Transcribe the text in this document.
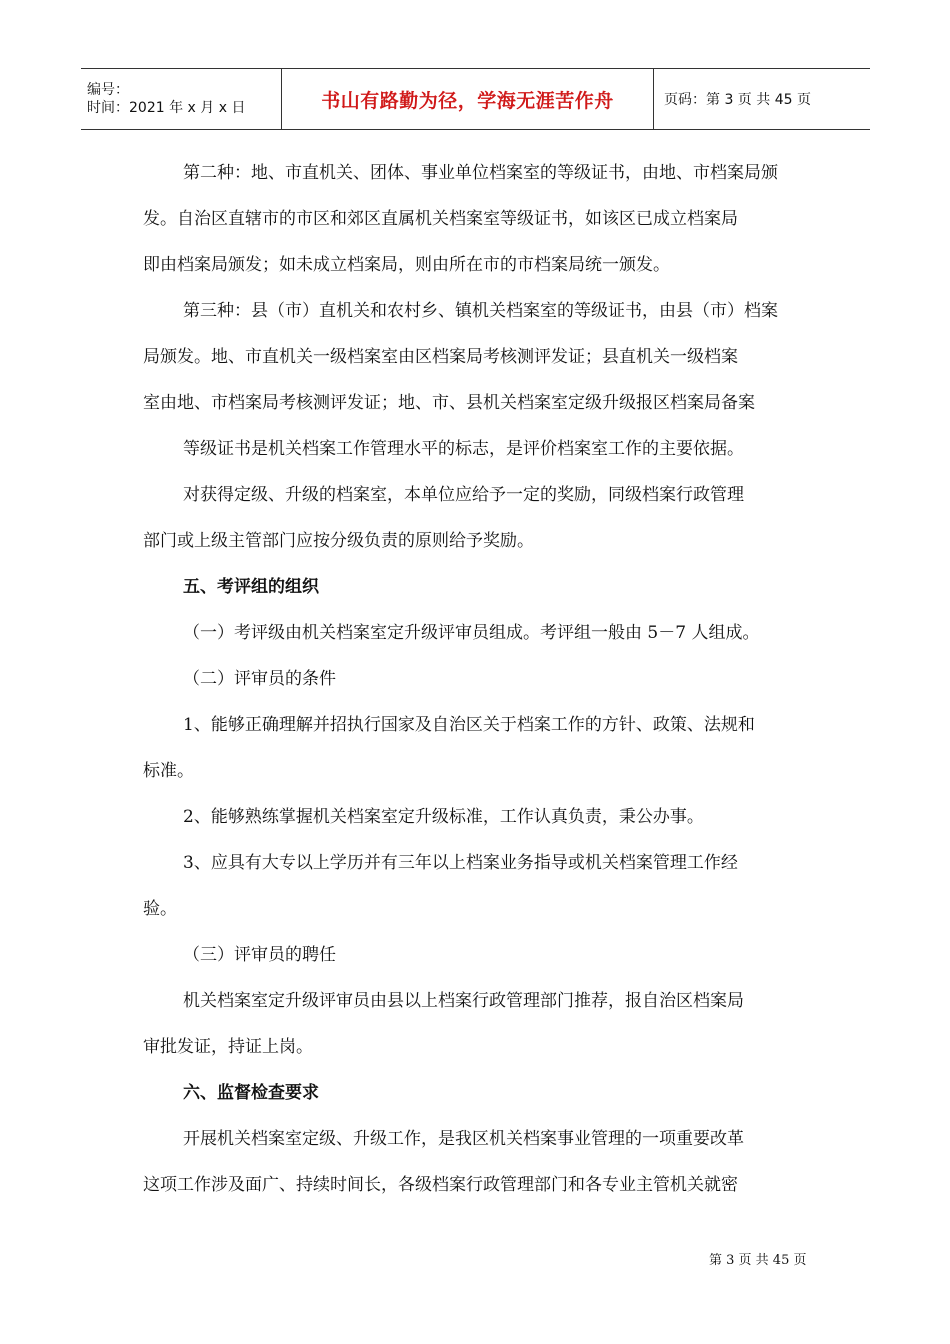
编号：
时间：2021 年 x 月 x 日	书山有路勤为径，学海无涯苦作舟	页码：第 3 页 共 45 页

第二种：地、市直机关、团体、事业单位档案室的等级证书，由地、市档案局颁

发。自治区直辖市的市区和郊区直属机关档案室等级证书，如该区已成立档案局

即由档案局颁发；如未成立档案局，则由所在市的市档案局统一颁发。

第三种：县（市）直机关和农村乡、镇机关档案室的等级证书，由县（市）档案

局颁发。地、市直机关一级档案室由区档案局考核测评发证；县直机关一级档案

室由地、市档案局考核测评发证；地、市、县机关档案室定级升级报区档案局备案

等级证书是机关档案工作管理水平的标志，是评价档案室工作的主要依据。

对获得定级、升级的档案室，本单位应给予一定的奖励，同级档案行政管理

部门或上级主管部门应按分级负责的原则给予奖励。

五、考评组的组织

（一）考评级由机关档案室定升级评审员组成。考评组一般由 5－7 人组成。

（二）评审员的条件

1、能够正确理解并招执行国家及自治区关于档案工作的方针、政策、法规和

标准。

2、能够熟练掌握机关档案室定升级标准，工作认真负责，秉公办事。

3、应具有大专以上学历并有三年以上档案业务指导或机关档案管理工作经

验。

（三）评审员的聘任

机关档案室定升级评审员由县以上档案行政管理部门推荐，报自治区档案局

审批发证，持证上岗。

六、监督检查要求

开展机关档案室定级、升级工作，是我区机关档案事业管理的一项重要改革

这项工作涉及面广、持续时间长，各级档案行政管理部门和各专业主管机关就密

第 3 页 共 45 页
